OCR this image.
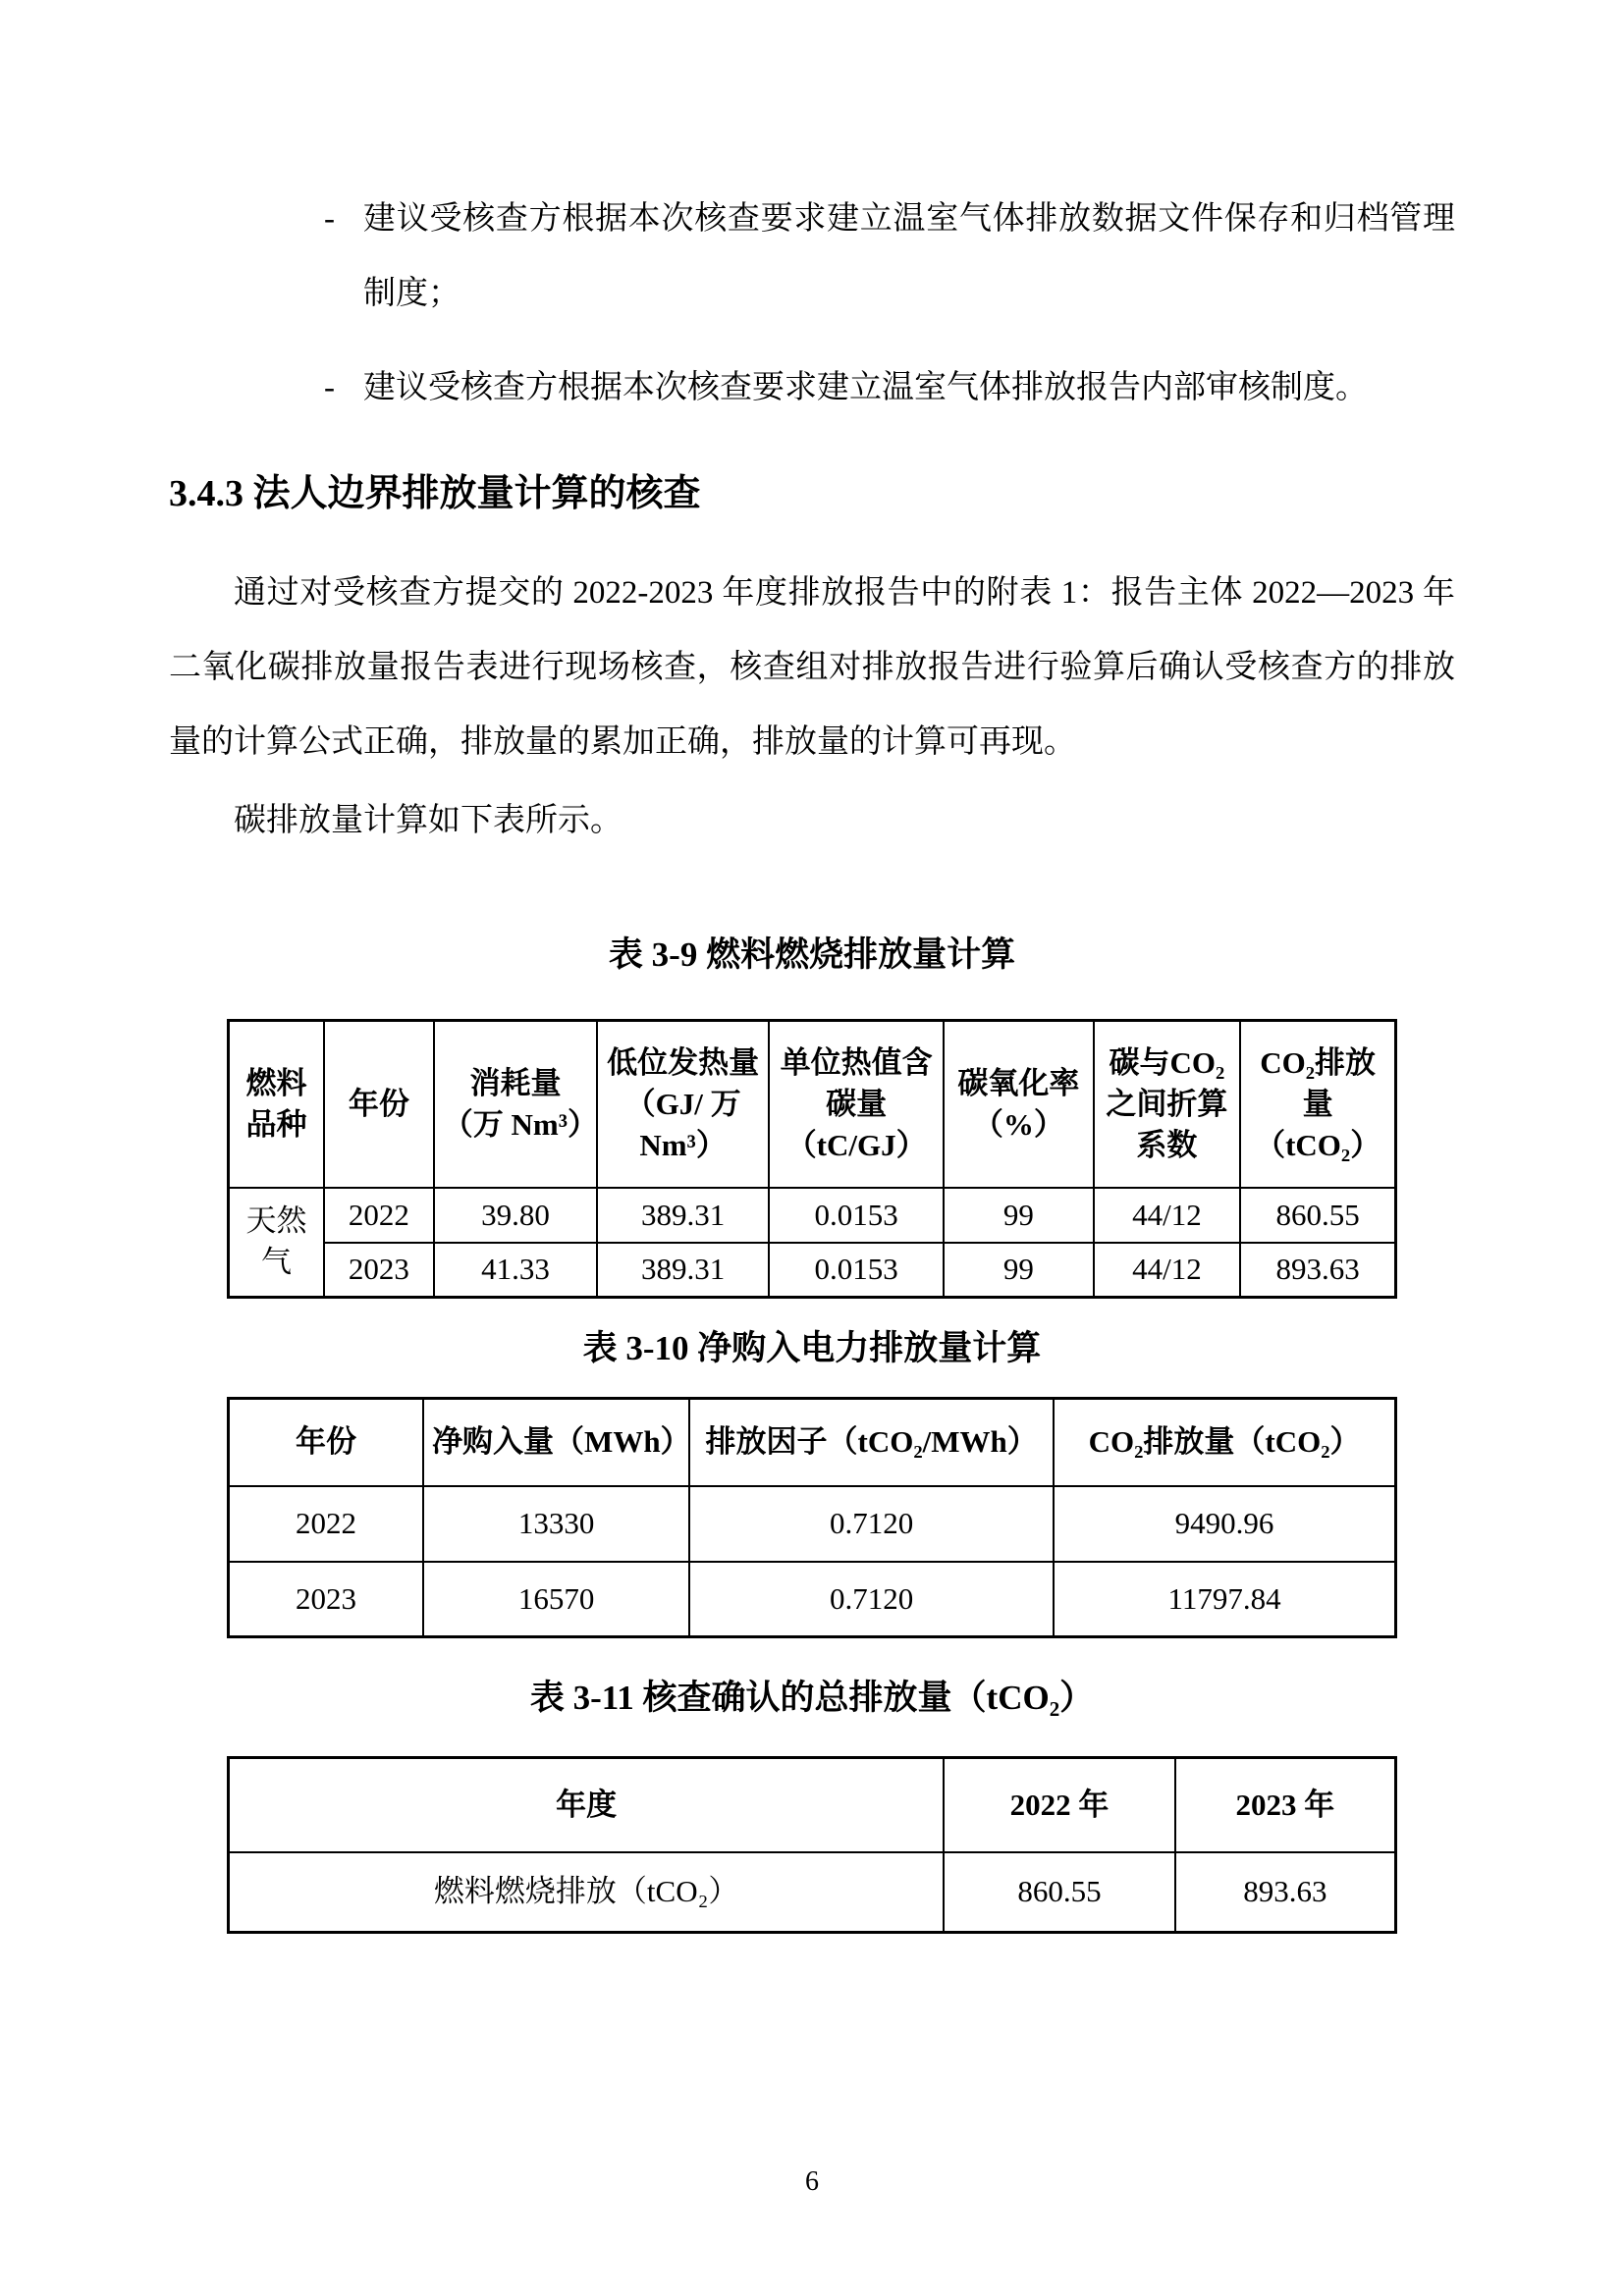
- 建议受核查方根据本次核查要求建立温室气体排放数据文件保存和归档管理制度；
- 建议受核查方根据本次核查要求建立温室气体排放报告内部审核制度。
3.4.3 法人边界排放量计算的核查

通过对受核查方提交的 2022-2023 年度排放报告中的附表 1：报告主体 2022—2023 年二氧化碳排放量报告表进行现场核查，核查组对排放报告进行验算后确认受核查方的排放量的计算公式正确，排放量的累加正确，排放量的计算可再现。

碳排放量计算如下表所示。

表 3-9 燃料燃烧排放量计算
燃料品种	年份	消耗量（万 Nm³）	低位发热量（GJ/ 万 Nm³）	单位热值含碳量（tC/GJ）	碳氧化率（%）	碳与CO₂之间折算系数	CO₂排放量（tCO₂）
天然气	2022	39.80	389.31	0.0153	99	44/12	860.55
	2023	41.33	389.31	0.0153	99	44/12	893.63
表 3-10 净购入电力排放量计算
年份	净购入量（MWh）	排放因子（tCO₂/MWh）	CO₂排放量（tCO₂）
2022	13330	0.7120	9490.96
2023	16570	0.7120	11797.84
表 3-11 核查确认的总排放量（tCO₂）
年度	2022 年	2023 年
燃料燃烧排放（tCO₂）	860.55	893.63
6
